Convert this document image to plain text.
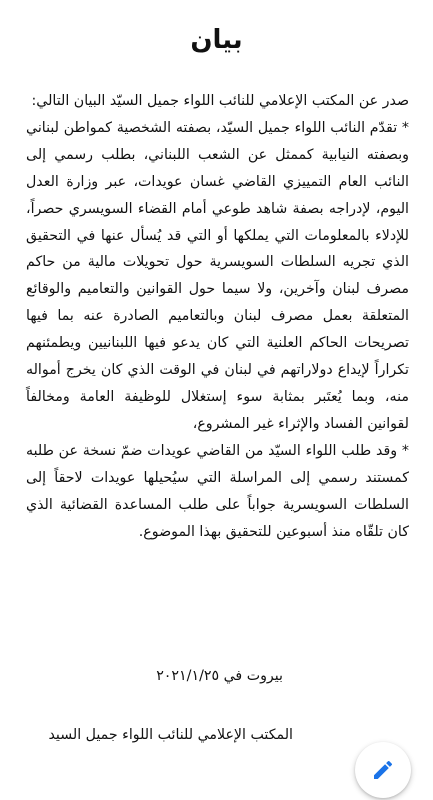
بيان

صدر عن المكتب الإعلامي للنائب اللواء جميل السيّد البيان التالي:

* تقدّم النائب اللواء جميل السيّد، بصفته الشخصية كمواطن لبناني وبصفته النيابية كممثل عن الشعب اللبناني، بطلب رسمي إلى النائب العام التمييزي القاضي غسان عويدات، عبر وزارة العدل اليوم، لإدراجه بصفة شاهد طوعي أمام القضاء السويسري حصراً، للإدلاء بالمعلومات التي يملكها أو التي قد يُسأل عنها في التحقيق الذي تجريه السلطات السويسرية حول تحويلات مالية من حاكم مصرف لبنان وآخرين، ولا سيما حول القوانين والتعاميم والوقائع المتعلقة بعمل مصرف لبنان وبالتعاميم الصادرة عنه بما فيها تصريحات الحاكم العلنية التي كان يدعو فيها اللبنانيين ويطمئنهم تكراراً لإيداع دولاراتهم في لبنان في الوقت الذي كان يخرج أمواله منه، وبما يُعتَبر بمثابة سوء إستغلال للوظيفة العامة ومخالفاً لقوانين الفساد والإثراء غير المشروع،

* وقد طلب اللواء السيّد من القاضي عويدات ضمّ نسخة عن طلبه كمستند رسمي إلى المراسلة التي سيُحيلها عويدات لاحقاً إلى السلطات السويسرية جواباً على طلب المساعدة القضائية الذي كان تلقّاه منذ أسبوعين للتحقيق بهذا الموضوع.

بيروت في ٢٠٢١/١/٢٥

المكتب الإعلامي للنائب اللواء جميل السيد
